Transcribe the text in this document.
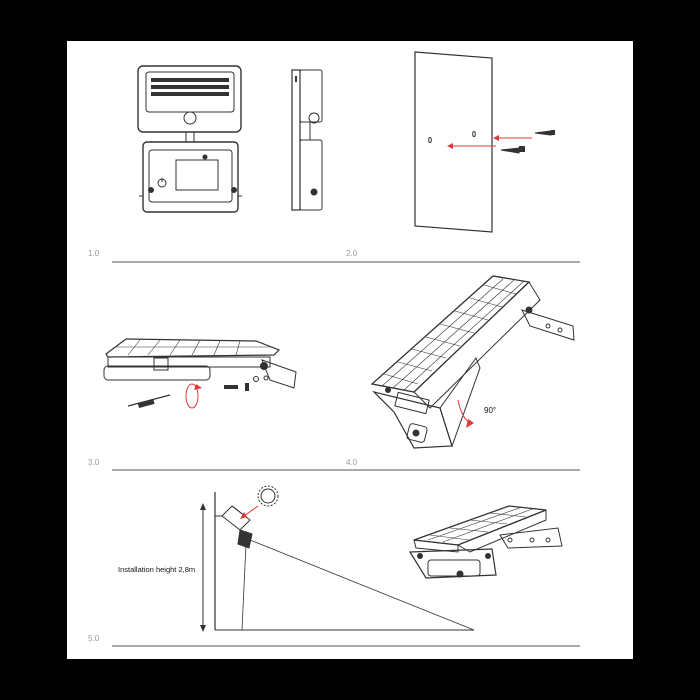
1.0	2.0
3.0	4.0
5.0
90°
Installation height 2,8m
